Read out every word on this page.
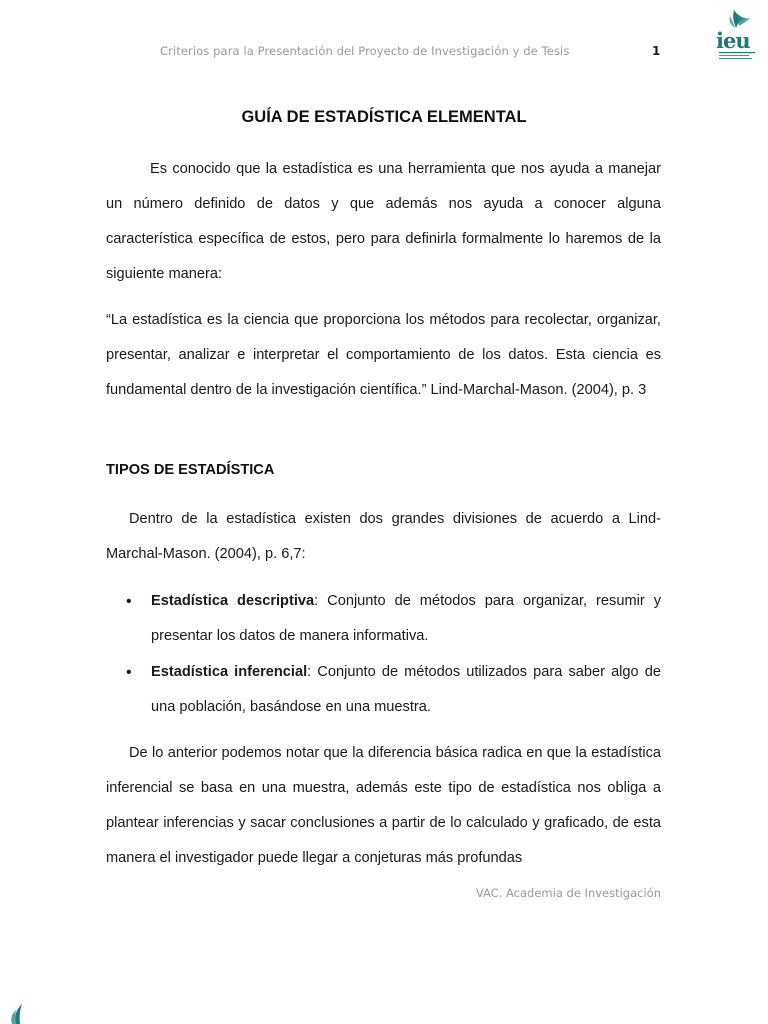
Criterios para la Presentación del Proyecto de Investigación y de Tesis	1	ieu
GUÍA DE ESTADÍSTICA ELEMENTAL
Es conocido que la estadística es una herramienta que nos ayuda a manejar un número definido de datos y que además nos ayuda a conocer alguna característica específica de estos, pero para definirla formalmente lo haremos de la siguiente manera:
“La estadística es la ciencia que proporciona los métodos para recolectar, organizar, presentar, analizar e interpretar el comportamiento de los datos. Esta ciencia es fundamental dentro de la investigación científica.” Lind-Marchal-Mason. (2004), p. 3
TIPOS DE ESTADÍSTICA
Dentro de la estadística existen dos grandes divisiones de acuerdo a Lind-Marchal-Mason. (2004), p. 6,7:
• Estadística descriptiva: Conjunto de métodos para organizar, resumir y presentar los datos de manera informativa.
• Estadística inferencial: Conjunto de métodos utilizados para saber algo de una población, basándose en una muestra.
De lo anterior podemos notar que la diferencia básica radica en que la estadística inferencial se basa en una muestra, además este tipo de estadística nos obliga a plantear inferencias y sacar conclusiones a partir de lo calculado y graficado, de esta manera el investigador puede llegar a conjeturas más profundas
VAC. Academia de Investigación
